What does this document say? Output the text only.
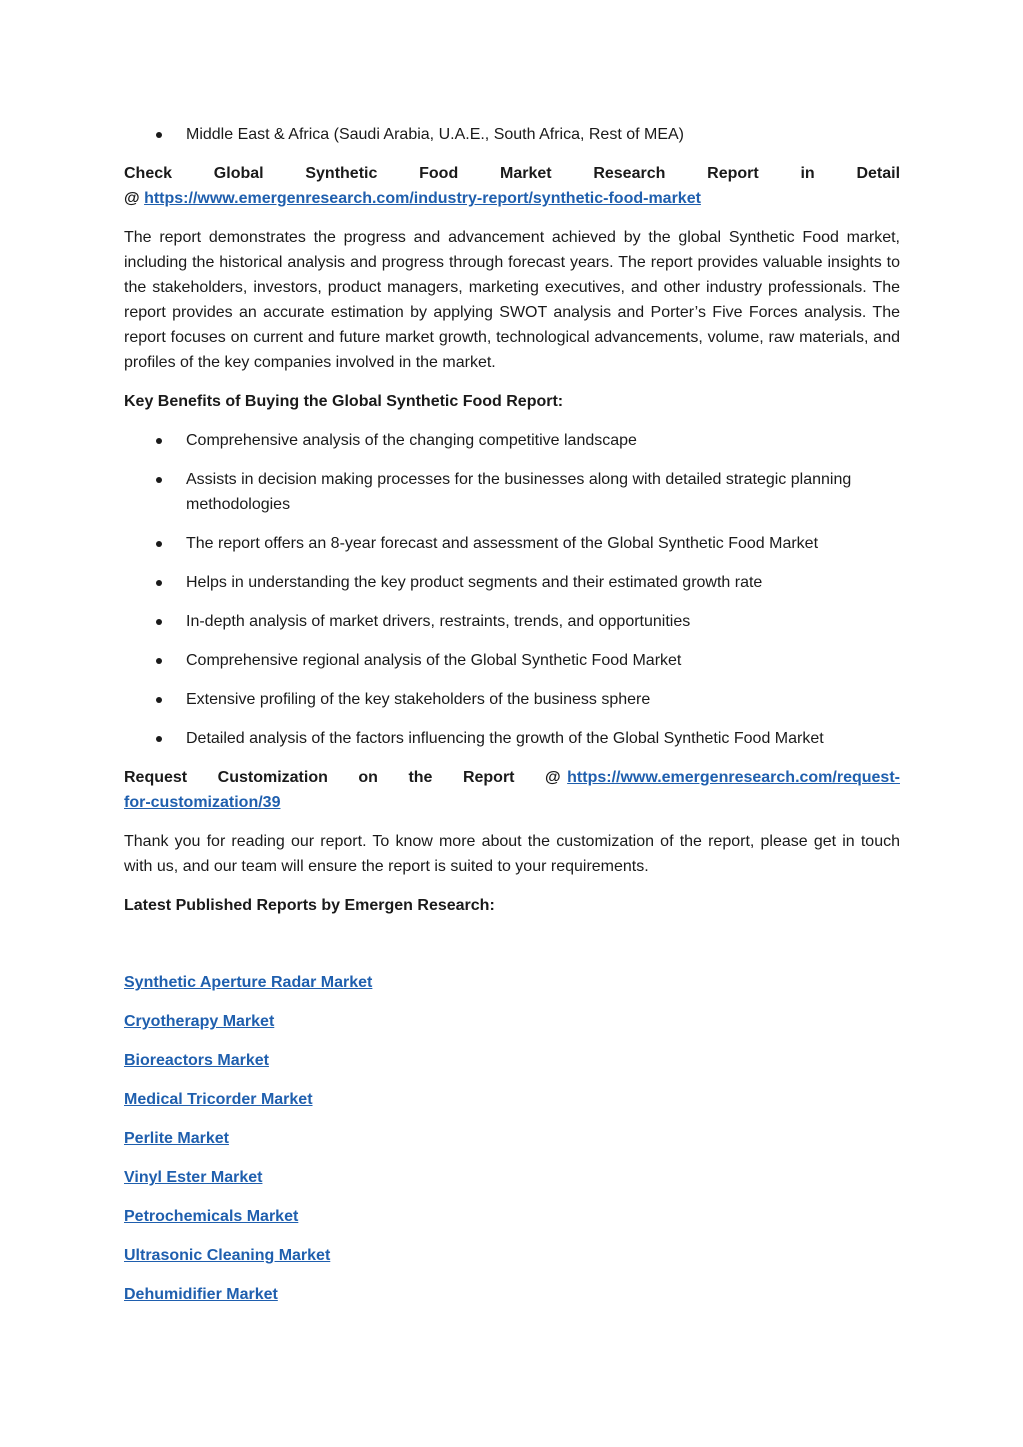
Middle East & Africa (Saudi Arabia, U.A.E., South Africa, Rest of MEA)

Check	Global	Synthetic	Food	Market	Research	Report	in	Detail
@ https://www.emergenresearch.com/industry-report/synthetic-food-market

The report demonstrates the progress and advancement achieved by the global Synthetic Food market, including the historical analysis and progress through forecast years. The report provides valuable insights to the stakeholders, investors, product managers, marketing executives, and other industry professionals. The report provides an accurate estimation by applying SWOT analysis and Porter’s Five Forces analysis. The report focuses on current and future market growth, technological advancements, volume, raw materials, and profiles of the key companies involved in the market.

Key Benefits of Buying the Global Synthetic Food Report:

Comprehensive analysis of the changing competitive landscape
Assists in decision making processes for the businesses along with detailed strategic planning methodologies
The report offers an 8-year forecast and assessment of the Global Synthetic Food Market
Helps in understanding the key product segments and their estimated growth rate
In-depth analysis of market drivers, restraints, trends, and opportunities
Comprehensive regional analysis of the Global Synthetic Food Market
Extensive profiling of the key stakeholders of the business sphere
Detailed analysis of the factors influencing the growth of the Global Synthetic Food Market

Request Customization on the Report @ https://www.emergenresearch.com/request-for-customization/39

Thank you for reading our report. To know more about the customization of the report, please get in touch with us, and our team will ensure the report is suited to your requirements.

Latest Published Reports by Emergen Research:

Synthetic Aperture Radar Market
Cryotherapy Market
Bioreactors Market
Medical Tricorder Market
Perlite Market
Vinyl Ester Market
Petrochemicals Market
Ultrasonic Cleaning Market
Dehumidifier Market
